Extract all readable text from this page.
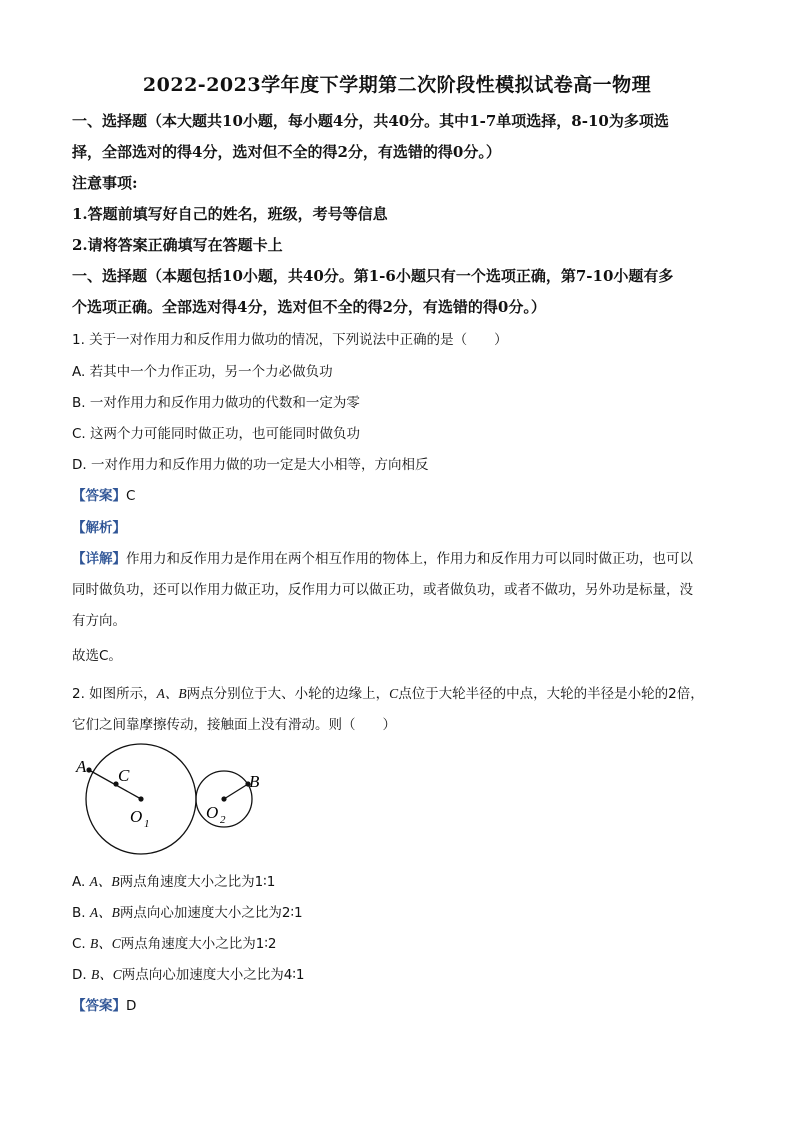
2022-2023学年度下学期第二次阶段性模拟试卷高一物理
一、选择题（本大题共10小题，每小题4分，共40分。其中1-7单项选择，8-10为多项选
择，全部选对的得4分，选对但不全的得2分，有选错的得0分。）
注意事项:
1.答题前填写好自己的姓名，班级，考号等信息
2.请将答案正确填写在答题卡上
一、选择题（本题包括10小题，共40分。第1-6小题只有一个选项正确，第7-10小题有多
个选项正确。全部选对得4分，选对但不全的得2分，有选错的得0分。）
1. 关于一对作用力和反作用力做功的情况，下列说法中正确的是（　　）
A. 若其中一个力作正功，另一个力必做负功
B. 一对作用力和反作用力做功的代数和一定为零
C. 这两个力可能同时做正功，也可能同时做负功
D. 一对作用力和反作用力做的功一定是大小相等，方向相反
【答案】C
【解析】
【详解】作用力和反作用力是作用在两个相互作用的物体上，作用力和反作用力可以同时做正功，也可以
同时做负功，还可以作用力做正功，反作用力可以做正功，或者做负功，或者不做功，另外功是标量，没
有方向。
故选C。
2. 如图所示，A、B两点分别位于大、小轮的边缘上，C点位于大轮半径的中点，大轮的半径是小轮的2倍，
它们之间靠摩擦传动，接触面上没有滑动。则（　　）
A C	B
O 1
O 2
A. A、B两点角速度大小之比为1∶1
B. A、B两点向心加速度大小之比为2∶1
C. B、C两点角速度大小之比为1∶2
D. B、C两点向心加速度大小之比为4∶1
【答案】D
